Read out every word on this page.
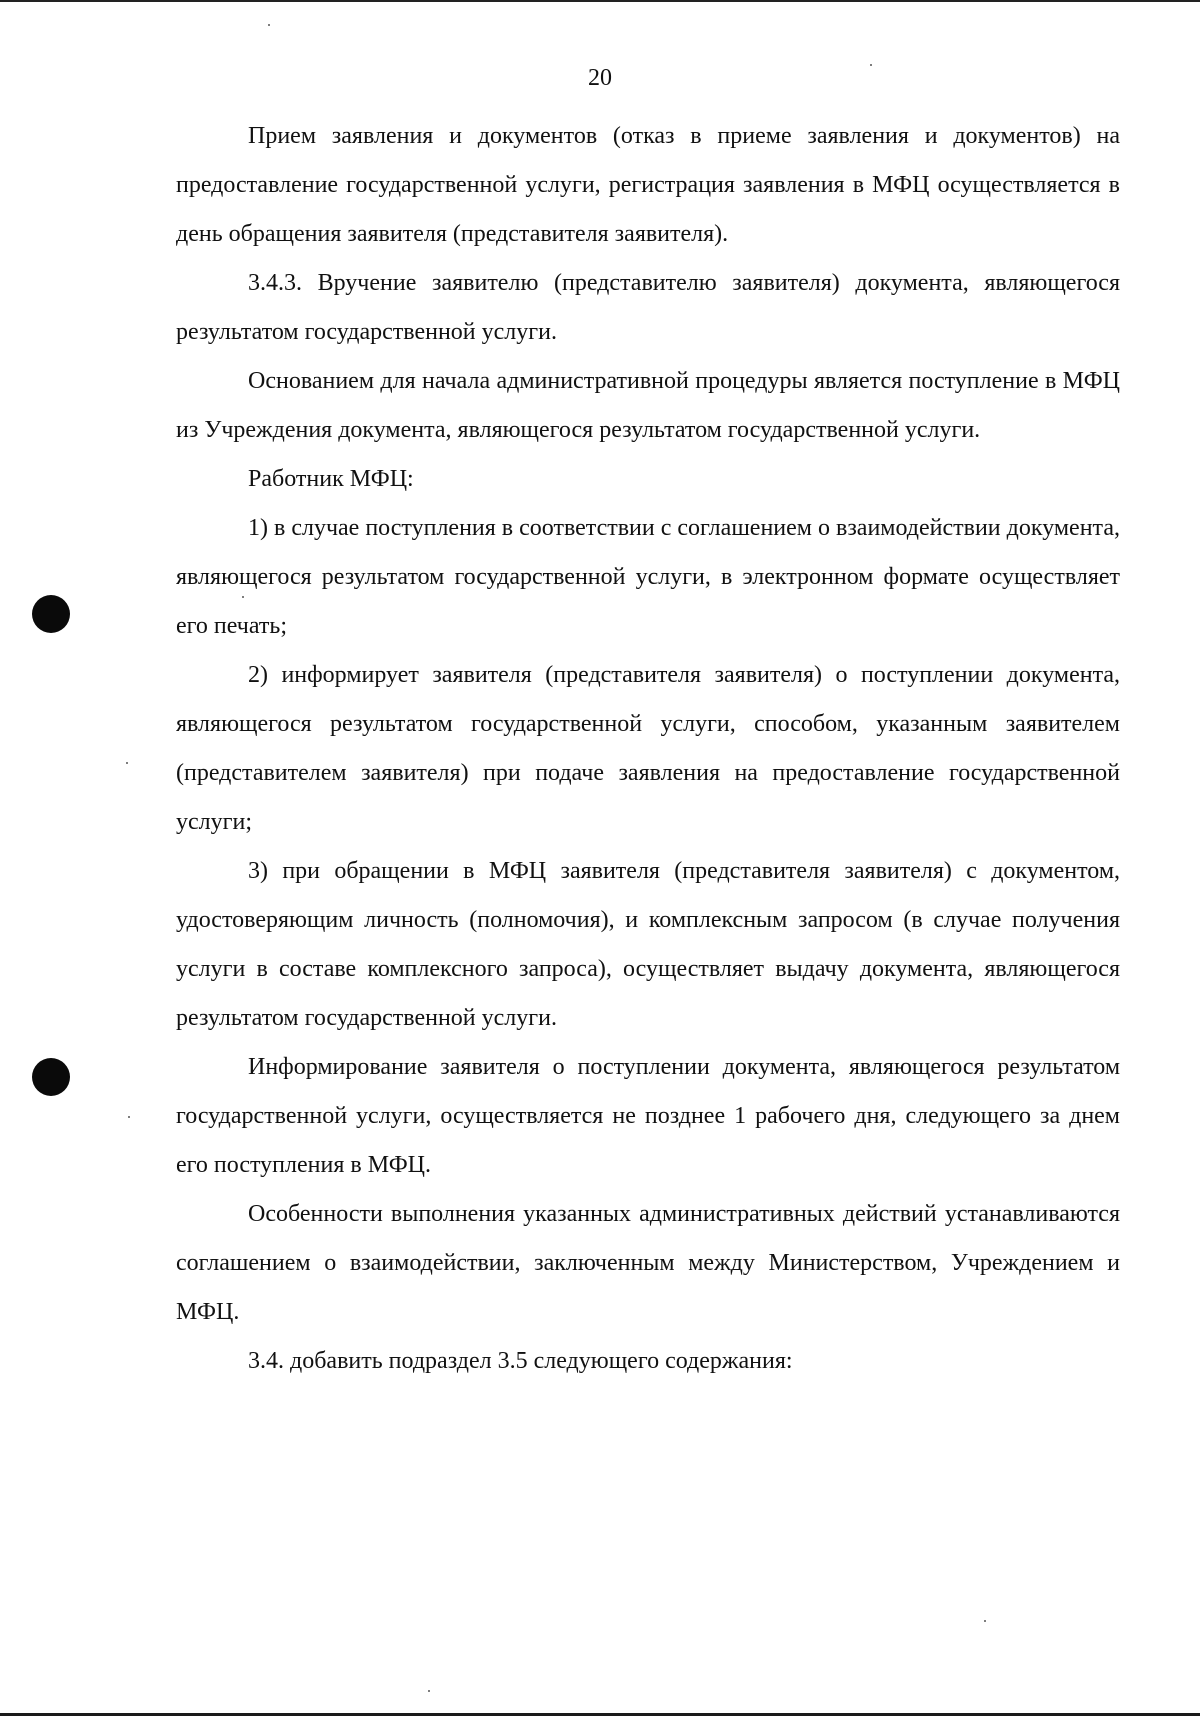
20

Прием заявления и документов (отказ в приеме заявления и документов) на предоставление государственной услуги, регистрация заявления в МФЦ осуществляется в день обращения заявителя (представителя заявителя).

3.4.3. Вручение заявителю (представителю заявителя) документа, являющегося результатом государственной услуги.

Основанием для начала административной процедуры является поступление в МФЦ из Учреждения документа, являющегося результатом государственной услуги.

Работник МФЦ:

1) в случае поступления в соответствии с соглашением о взаимодействии документа, являющегося результатом государственной услуги, в электронном формате осуществляет его печать;

2) информирует заявителя (представителя заявителя) о поступлении документа, являющегося результатом государственной услуги, способом, указанным заявителем (представителем заявителя) при подаче заявления на предоставление государственной услуги;

3) при обращении в МФЦ заявителя (представителя заявителя) с документом, удостоверяющим личность (полномочия), и комплексным запросом (в случае получения услуги в составе комплексного запроса), осуществляет выдачу документа, являющегося результатом государственной услуги.

Информирование заявителя о поступлении документа, являющегося результатом государственной услуги, осуществляется не позднее 1 рабочего дня, следующего за днем его поступления в МФЦ.

Особенности выполнения указанных административных действий устанавливаются соглашением о взаимодействии, заключенным между Министерством, Учреждением и МФЦ.

3.4. добавить подраздел 3.5 следующего содержания:
